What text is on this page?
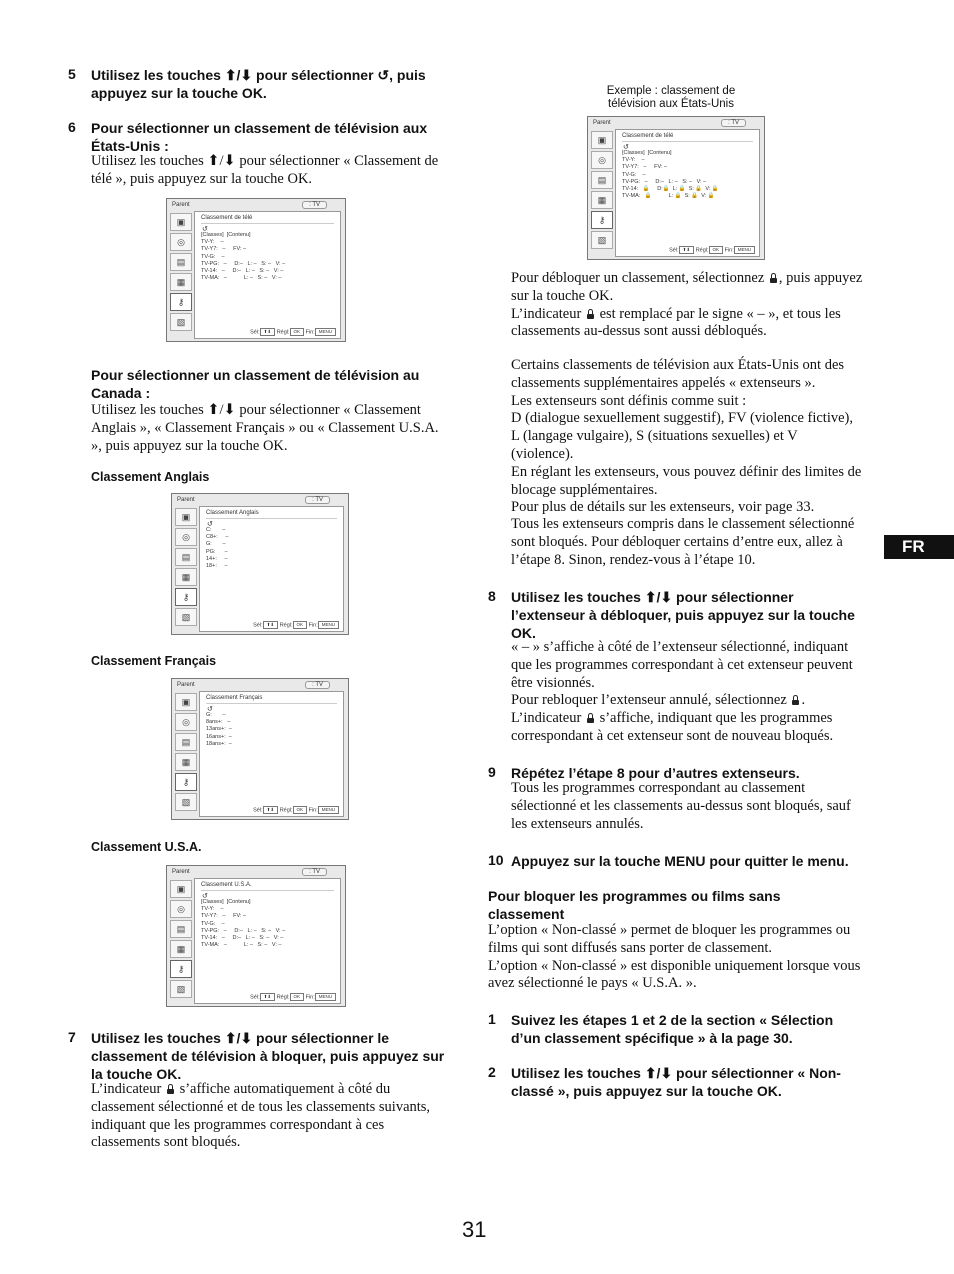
5 Utilisez les touches ⬆/⬇ pour sélectionner ↺, puis appuyez sur la touche OK.
6 Pour sélectionner un classement de télévision aux États-Unis :
Utilisez les touches ⬆/⬇ pour sélectionner « Classement de télé », puis appuyez sur la touche OK.
Parent	: TV
▣
◎
▤
▦
⚷
▧
Classement de télé
↺
[Classes]  [Contenu]
TV-Y:    –
TV-Y7:   –     FV: –
TV-G:    –
TV-PG:   –     D:–   L: –   S: –   V: –
TV-14:   –     D:–   L: –   S: –   V: –
TV-MA:   –           L: –   S: –   V: –
Sél: ⬆⬇ Régl: OK Fin: MENU
Pour sélectionner un classement de télévision au Canada :
Utilisez les touches ⬆/⬇ pour sélectionner « Classement Anglais », « Classement Français » ou « Classement U.S.A. », puis appuyez sur la touche OK.
Classement Anglais
Parent	: TV
▣
◎
▤
▦
⚷
▧
Classement Anglais
↺
C:       –
C8+:     –
G:       –
PG:      –
14+:     –
18+:     –
Sél: ⬆⬇ Régl: OK Fin: MENU
Classement Français
Parent	: TV
▣
◎
▤
▦
⚷
▧
Classement Français
↺
G:       –
8ans+:   –
13ans+:  –
16ans+:  –
18ans+:  –
Sél: ⬆⬇ Régl: OK Fin: MENU
Classement U.S.A.
Parent	: TV
▣
◎
▤
▦
⚷
▧
Classement U.S.A.
↺
[Classes]  [Contenu]
TV-Y:    –
TV-Y7:   –     FV: –
TV-G:    –
TV-PG:   –     D:–   L: –   S: –   V: –
TV-14:   –     D:–   L: –   S: –   V: –
TV-MA:   –           L: –   S: –   V: –
Sél: ⬆⬇ Régl: OK Fin: MENU
7 Utilisez les touches ⬆/⬇ pour sélectionner le classement de télévision à bloquer, puis appuyez sur la touche OK.
L’indicateur s’affiche automatiquement à côté du classement sélectionné et de tous les classements suivants, indiquant que les programmes correspondant à ces classements sont bloqués.
Exemple : classement de télévision aux États-Unis
Parent	: TV
▣
◎
▤
▦
⚷
▧
Classement de télé
↺
[Classes]  [Contenu]
TV-Y:    –
TV-Y7:   –     FV: –
TV-G:    –
TV-PG:   –     D:–   L: –   S: –   V: –
TV-14:   🔒     D:🔒  L: 🔒  S: 🔒  V: 🔒
TV-MA:   🔒           L: 🔒  S: 🔒  V: 🔒
Sél: ⬆⬇ Régl: OK Fin: MENU
Pour débloquer un classement, sélectionnez , puis appuyez sur la touche OK.
L’indicateur est remplacé par le signe « – », et tous les classements au-dessus sont aussi débloqués.
Certains classements de télévision aux États-Unis ont des classements supplémentaires appelés « extenseurs ».
Les extenseurs sont définis comme suit :
D (dialogue sexuellement suggestif), FV (violence fictive), L (langage vulgaire), S (situations sexuelles) et V (violence).
En réglant les extenseurs, vous pouvez définir des limites de blocage supplémentaires.
Pour plus de détails sur les extenseurs, voir page 33.
Tous les extenseurs compris dans le classement sélectionné sont bloqués. Pour débloquer certains d’entre eux, allez à l’étape 8. Sinon, rendez-vous à l’étape 10.
FR
8 Utilisez les touches ⬆/⬇ pour sélectionner l’extenseur à débloquer, puis appuyez sur la touche OK.
« – » s’affiche à côté de l’extenseur sélectionné, indiquant que les programmes correspondant à cet extenseur peuvent être visionnés.
Pour rebloquer l’extenseur annulé, sélectionnez .
L’indicateur s’affiche, indiquant que les programmes correspondant à cet extenseur sont de nouveau bloqués.
9 Répétez l’étape 8 pour d’autres extenseurs.
Tous les programmes correspondant au classement sélectionné et les classements au-dessus sont bloqués, sauf les extenseurs annulés.
10 Appuyez sur la touche MENU pour quitter le menu.
Pour bloquer les programmes ou films sans classement
L’option « Non-classé » permet de bloquer les programmes ou films qui sont diffusés sans porter de classement.
L’option « Non-classé » est disponible uniquement lorsque vous avez sélectionné le pays « U.S.A. ».
1 Suivez les étapes 1 et 2 de la section « Sélection d’un classement spécifique » à la page 30.
2 Utilisez les touches ⬆/⬇ pour sélectionner « Non-classé », puis appuyez sur la touche OK.
31
